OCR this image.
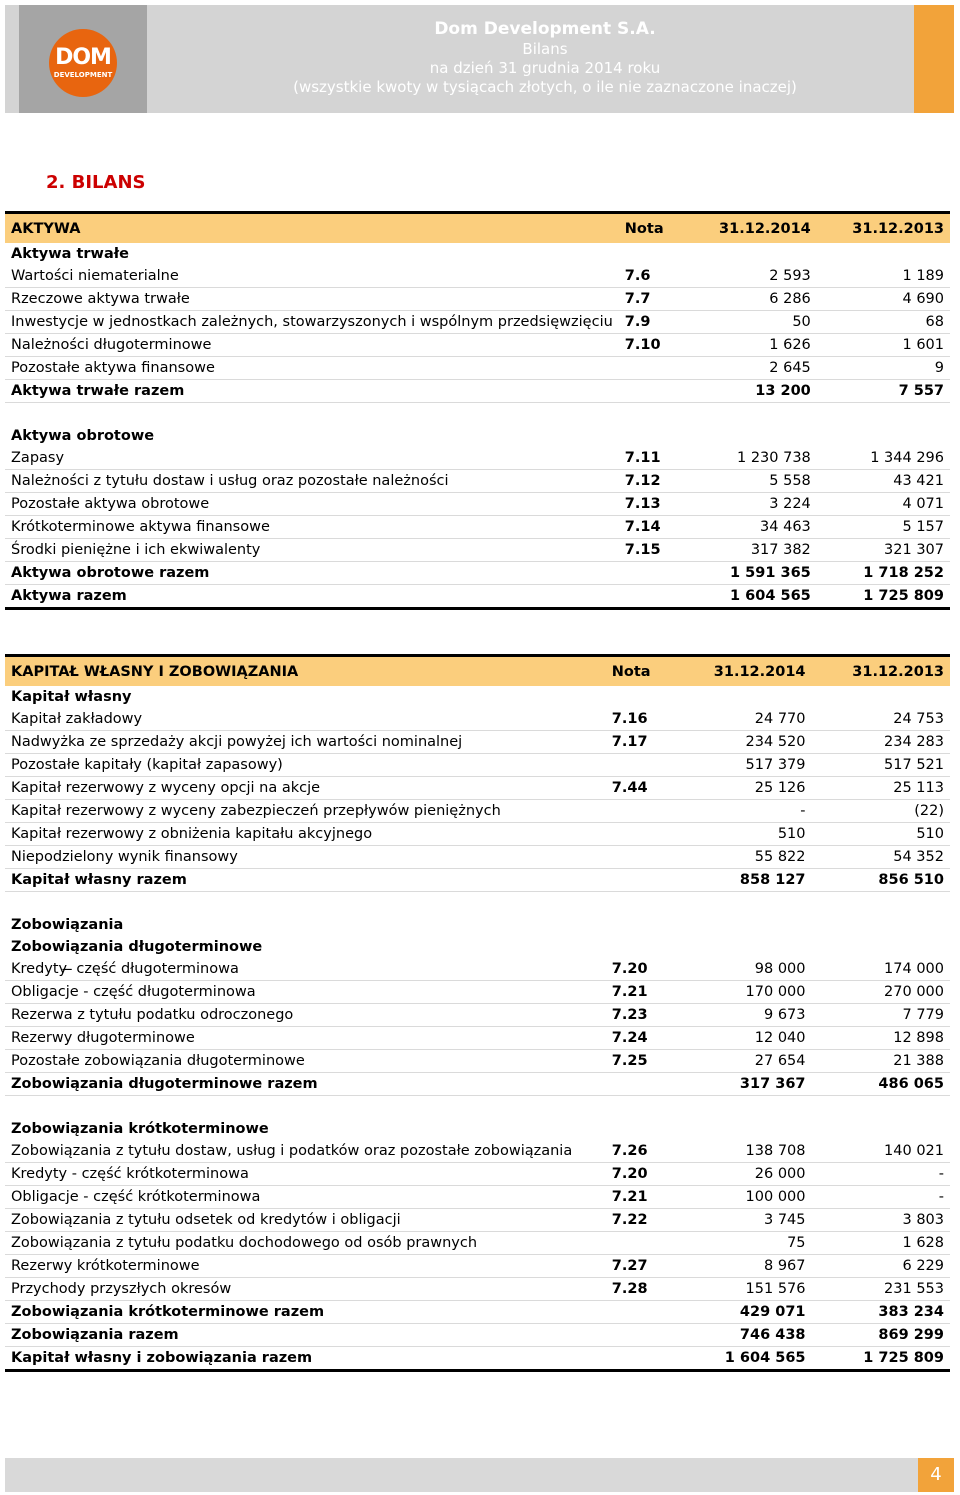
DOM
DEVELOPMENT
Dom Development S.A.
Bilans
na dzień 31 grudnia 2014 roku
(wszystkie kwoty w tysiącach złotych, o ile nie zaznaczone inaczej)
2. BILANS
AKTYWA	Nota	31.12.2014	31.12.2013
Aktywa trwałe			
Wartości niematerialne	7.6	2 593	1 189
Rzeczowe aktywa trwałe	7.7	6 286	4 690
Inwestycje w jednostkach zależnych, stowarzyszonych i wspólnym przedsięwzięciu	7.9	50	68
Należności długoterminowe	7.10	1 626	1 601
Pozostałe aktywa finansowe		2 645	9
Aktywa trwałe razem		13 200	7 557

Aktywa obrotowe			
Zapasy	7.11	1 230 738	1 344 296
Należności z tytułu dostaw i usług oraz pozostałe należności	7.12	5 558	43 421
Pozostałe aktywa obrotowe	7.13	3 224	4 071
Krótkoterminowe aktywa finansowe	7.14	34 463	5 157
Środki pieniężne i ich ekwiwalenty	7.15	317 382	321 307
Aktywa obrotowe razem		1 591 365	1 718 252
Aktywa razem		1 604 565	1 725 809
KAPITAŁ WŁASNY I ZOBOWIĄZANIA	Nota	31.12.2014	31.12.2013
Kapitał własny			
Kapitał zakładowy	7.16	24 770	24 753
Nadwyżka ze sprzedaży akcji powyżej ich wartości nominalnej	7.17	234 520	234 283
Pozostałe kapitały (kapitał zapasowy)		517 379	517 521
Kapitał rezerwowy z wyceny opcji na akcje	7.44	25 126	25 113
Kapitał rezerwowy z wyceny zabezpieczeń przepływów pieniężnych		-	(22)
Kapitał rezerwowy z obniżenia kapitału akcyjnego		510	510
Niepodzielony wynik finansowy		55 822	54 352
Kapitał własny razem		858 127	856 510

Zobowiązania			
Zobowiązania długoterminowe			
Kredyty ̶ część długoterminowa	7.20	98 000	174 000
Obligacje - część długoterminowa	7.21	170 000	270 000
Rezerwa z tytułu podatku odroczonego	7.23	9 673	7 779
Rezerwy długoterminowe	7.24	12 040	12 898
Pozostałe zobowiązania długoterminowe	7.25	27 654	21 388
Zobowiązania długoterminowe razem		317 367	486 065

Zobowiązania krótkoterminowe			
Zobowiązania z tytułu dostaw, usług i podatków oraz pozostałe zobowiązania	7.26	138 708	140 021
Kredyty - część krótkoterminowa	7.20	26 000	-
Obligacje - część krótkoterminowa	7.21	100 000	-
Zobowiązania z tytułu odsetek od kredytów i obligacji	7.22	3 745	3 803
Zobowiązania z tytułu podatku dochodowego od osób prawnych		75	1 628
Rezerwy krótkoterminowe	7.27	8 967	6 229
Przychody przyszłych okresów	7.28	151 576	231 553
Zobowiązania krótkoterminowe razem		429 071	383 234
Zobowiązania razem		746 438	869 299
Kapitał własny i zobowiązania razem		1 604 565	1 725 809
4
